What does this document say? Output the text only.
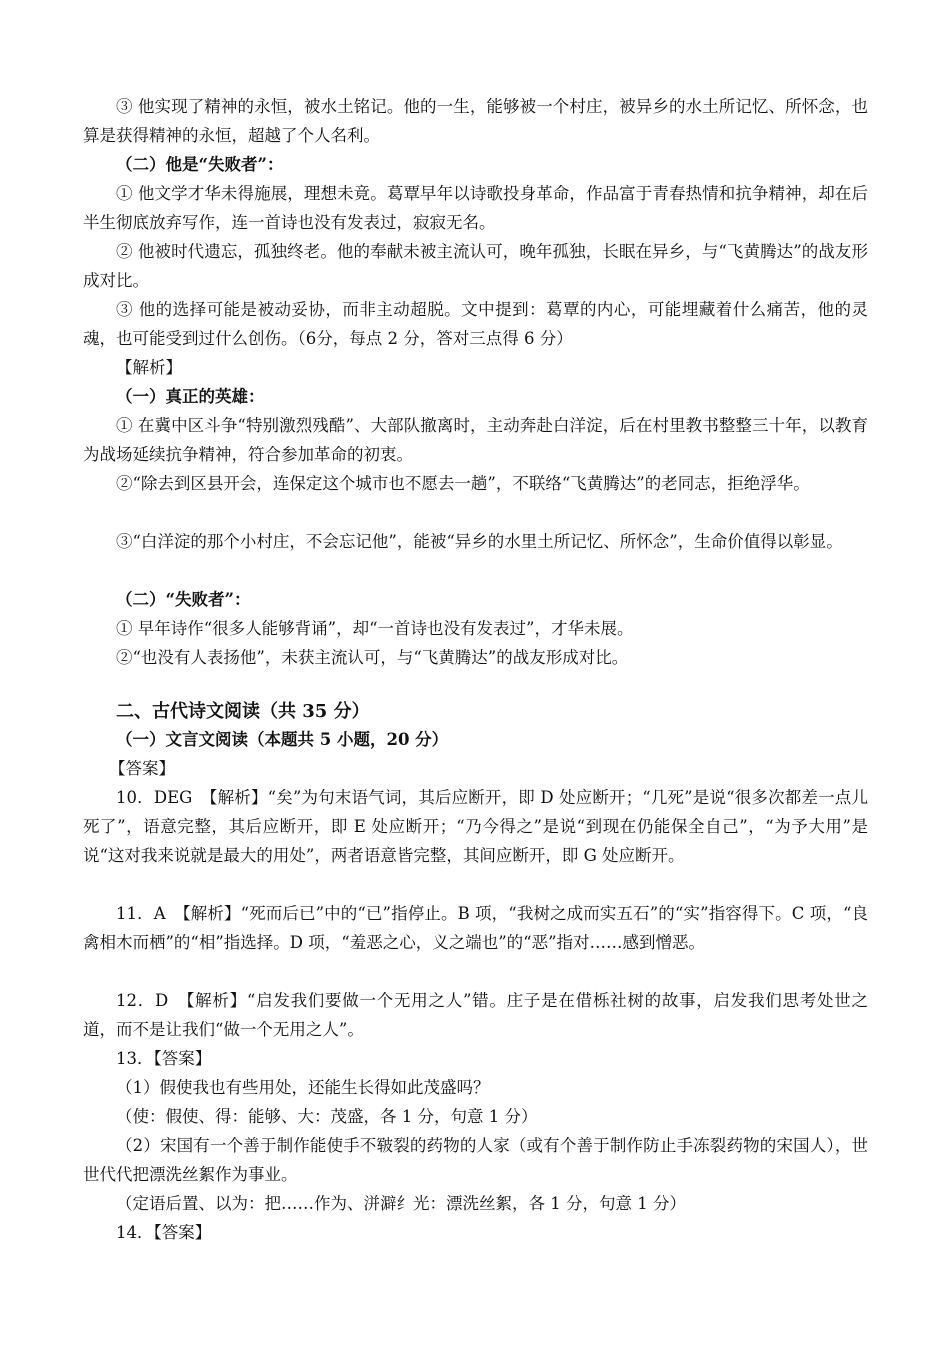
③ 他实现了精神的永恒，被水土铭记。他的一生，能够被一个村庄，被异乡的水土所记忆、所怀念，也算是获得精神的永恒，超越了个人名利。

（二）他是“失败者”：

① 他文学才华未得施展，理想未竟。葛覃早年以诗歌投身革命，作品富于青春热情和抗争精神，却在后半生彻底放弃写作，连一首诗也没有发表过，寂寂无名。

② 他被时代遗忘，孤独终老。他的奉献未被主流认可，晚年孤独，长眠在异乡，与“飞黄腾达”的战友形成对比。

③ 他的选择可能是被动妥协，而非主动超脱。文中提到：葛覃的内心，可能埋藏着什么痛苦，他的灵魂，也可能受到过什么创伤。（6分，每点 2 分，答对三点得 6 分）

【解析】

（一）真正的英雄：

① 在冀中区斗争“特别激烈残酷”、大部队撤离时，主动奔赴白洋淀，后在村里教书整整三十年，以教育为战场延续抗争精神，符合参加革命的初衷。

②“除去到区县开会，连保定这个城市也不愿去一趟”，不联络“飞黄腾达”的老同志，拒绝浮华。

③“白洋淀的那个小村庄，不会忘记他”，能被“异乡的水里土所记忆、所怀念”，生命价值得以彰显。

（二）“失败者”：

① 早年诗作“很多人能够背诵”，却“一首诗也没有发表过”，才华未展。

②“也没有人表扬他”，未获主流认可，与“飞黄腾达”的战友形成对比。

二、古代诗文阅读（共 35 分）

（一）文言文阅读（本题共 5 小题，20 分）

【答案】

10．DEG　【解析】“矣”为句末语气词，其后应断开，即 D 处应断开；“几死”是说“很多次都差一点儿死了”，语意完整，其后应断开，即 E 处应断开；“乃今得之”是说“到现在仍能保全自己”，“为予大用”是说“这对我来说就是最大的用处”，两者语意皆完整，其间应断开，即 G 处应断开。

11．A　【解析】“死而后已”中的“已”指停止。B 项，“我树之成而实五石”的“实”指容得下。C 项，“良禽相木而栖”的“相”指选择。D 项，“羞恶之心，义之端也”的“恶”指对……感到憎恶。

12．D　【解析】“启发我们要做一个无用之人”错。庄子是在借栎社树的故事，启发我们思考处世之道，而不是让我们“做一个无用之人”。

13．【答案】

（1）假使我也有些用处，还能生长得如此茂盛吗？

（使：假使、得：能够、大：茂盛，各 1 分，句意 1 分）

（2）宋国有一个善于制作能使手不皲裂的药物的人家（或有个善于制作防止手冻裂药物的宋国人），世世代代把漂洗丝絮作为事业。

（定语后置、以为：把……作为、洴澼纟光：漂洗丝絮，各 1 分，句意 1 分）

14．【答案】
